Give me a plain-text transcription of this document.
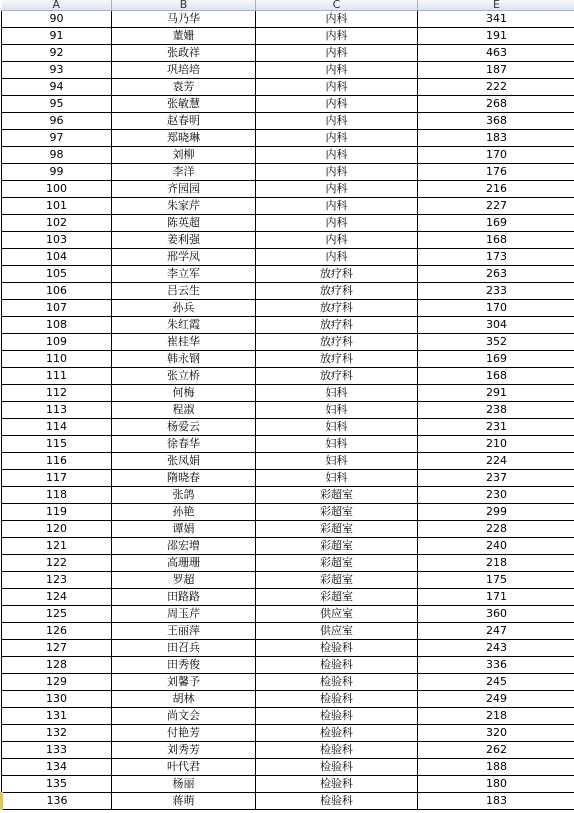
A	B	C	E
90	马乃华	内科	341
91	董姗	内科	191
92	张政祥	内科	463
93	巩培培	内科	187
94	袁芳	内科	222
95	张敏慧	内科	268
96	赵春明	内科	368
97	郑晓琳	内科	183
98	刘柳	内科	170
99	李洋	内科	176
100	齐园园	内科	216
101	朱家芹	内科	227
102	陈英超	内科	169
103	姜利强	内科	168
104	邢学凤	内科	173
105	李立军	放疗科	263
106	吕云生	放疗科	233
107	孙兵	放疗科	170
108	朱红霞	放疗科	304
109	崔桂华	放疗科	352
110	韩永钢	放疗科	169
111	张立桥	放疗科	168
112	何梅	妇科	291
113	程淑	妇科	238
114	杨爱云	妇科	231
115	徐春华	妇科	210
116	张凤娟	妇科	224
117	隋晓春	妇科	237
118	张鸽	彩超室	230
119	孙艳	彩超室	299
120	谭娟	彩超室	228
121	邵宏增	彩超室	240
122	高珊珊	彩超室	218
123	罗超	彩超室	175
124	田路路	彩超室	171
125	周玉芹	供应室	360
126	王丽萍	供应室	247
127	田召兵	检验科	243
128	田秀俊	检验科	336
129	刘馨予	检验科	245
130	胡林	检验科	249
131	尚文会	检验科	218
132	付艳芳	检验科	320
133	刘秀芳	检验科	262
134	叶代君	检验科	188
135	杨丽	检验科	180
136	蒋萌	检验科	183
